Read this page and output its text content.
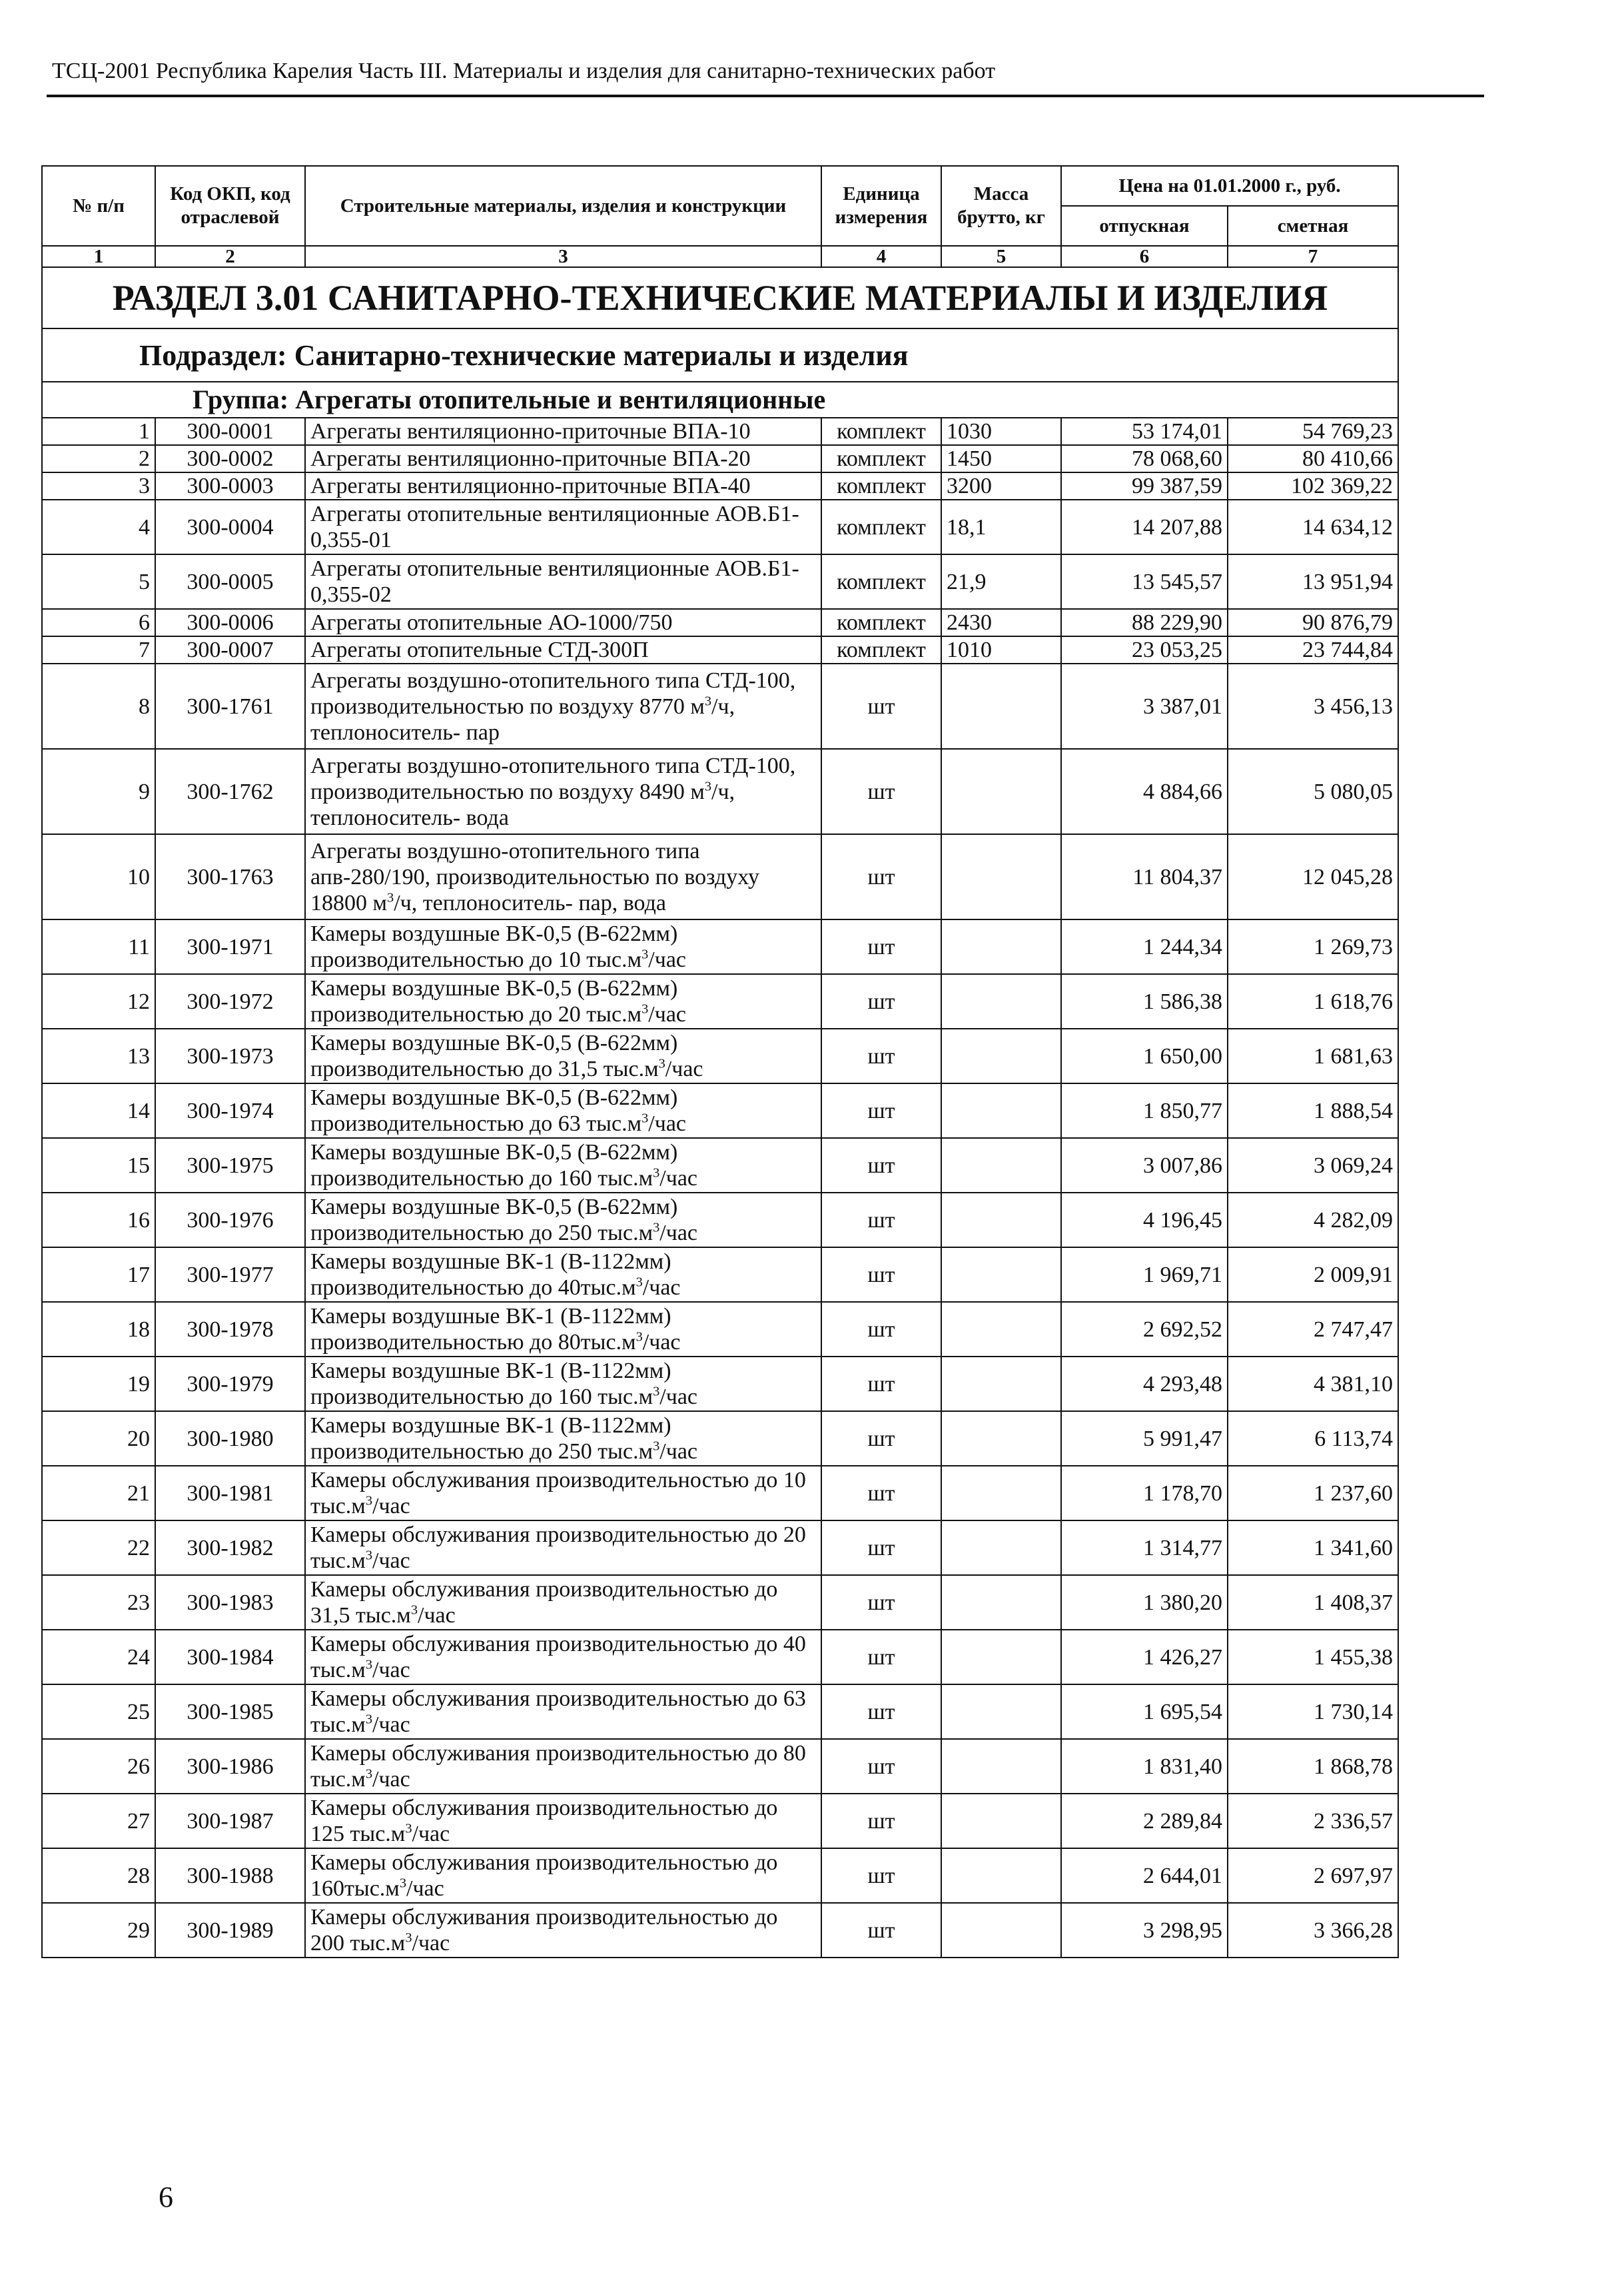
ТСЦ-2001 Республика Карелия Часть III. Материалы и изделия для санитарно-технических работ
№ п/п	Код ОКП, код отраслевой	Строительные материалы, изделия и конструкции	Единица измерения	Масса брутто, кг	Цена на 01.01.2000 г., руб.	
					отпускная	сметная
1	2	3	4	5	6	7
РАЗДЕЛ 3.01 САНИТАРНО-ТЕХНИЧЕСКИЕ МАТЕРИАЛЫ И ИЗДЕЛИЯ						
Подраздел: Санитарно-технические материалы и изделия						
Группа: Агрегаты отопительные и вентиляционные						
1	300-0001	Агрегаты вентиляционно-приточные ВПА-10	комплект	1030	53 174,01	54 769,23
2	300-0002	Агрегаты вентиляционно-приточные ВПА-20	комплект	1450	78 068,60	80 410,66
3	300-0003	Агрегаты вентиляционно-приточные ВПА-40	комплект	3200	99 387,59	102 369,22
4	300-0004	Агрегаты отопительные вентиляционные АОВ.Б1-0,355-01	комплект	18,1	14 207,88	14 634,12
5	300-0005	Агрегаты отопительные вентиляционные АОВ.Б1-0,355-02	комплект	21,9	13 545,57	13 951,94
6	300-0006	Агрегаты отопительные АО-1000/750	комплект	2430	88 229,90	90 876,79
7	300-0007	Агрегаты отопительные СТД-300П	комплект	1010	23 053,25	23 744,84
8	300-1761	Агрегаты воздушно-отопительного типа СТД-100, производительностью по воздуху 8770 $м^3/ч$, теплоноситель- пар	шт		3 387,01	3 456,13
9	300-1762	Агрегаты воздушно-отопительного типа СТД-100, производительностью по воздуху 8490 $м^3/ч$, теплоноситель- вода	шт		4 884,66	5 080,05
10	300-1763	Агрегаты воздушно-отопительного типа апв-280/190, производительностью по воздуху 18800 $м^3/ч$, теплоноситель- пар, вода	шт		11 804,37	12 045,28
11	300-1971	Камеры воздушные ВК-0,5 (В-622мм) производительностью до 10 $тыс.м^3$/час	шт		1 244,34	1 269,73
12	300-1972	Камеры воздушные ВК-0,5 (В-622мм) производительностью до 20 $тыс.м^3$/час	шт		1 586,38	1 618,76
13	300-1973	Камеры воздушные ВК-0,5 (В-622мм) производительностью до 31,5 $тыс.м^3$/час	шт		1 650,00	1 681,63
14	300-1974	Камеры воздушные ВК-0,5 (В-622мм) производительностью до 63 $тыс.м^3$/час	шт		1 850,77	1 888,54
15	300-1975	Камеры воздушные ВК-0,5 (В-622мм) производительностью до 160 $тыс.м^3$/час	шт		3 007,86	3 069,24
16	300-1976	Камеры воздушные ВК-0,5 (В-622мм) производительностью до 250 $тыс.м^3$/час	шт		4 196,45	4 282,09
17	300-1977	Камеры воздушные ВК-1 (В-1122мм) производительностью до $40тыс.м^3$/час	шт		1 969,71	2 009,91
18	300-1978	Камеры воздушные ВК-1 (В-1122мм) производительностью до $80тыс.м^3$/час	шт		2 692,52	2 747,47
19	300-1979	Камеры воздушные ВК-1 (В-1122мм) производительностью до 160 $тыс.м^3$/час	шт		4 293,48	4 381,10
20	300-1980	Камеры воздушные ВК-1 (В-1122мм) производительностью до 250 $тыс.м^3$/час	шт		5 991,47	6 113,74
21	300-1981	Камеры обслуживания производительностью до 10 $тыс.м^3$/час	шт		1 178,70	1 237,60
22	300-1982	Камеры обслуживания производительностью до 20 $тыс.м^3$/час	шт		1 314,77	1 341,60
23	300-1983	Камеры обслуживания производительностью до 31,5 $тыс.м^3$/час	шт		1 380,20	1 408,37
24	300-1984	Камеры обслуживания производительностью до 40 $тыс.м^3$/час	шт		1 426,27	1 455,38
25	300-1985	Камеры обслуживания производительностью до 63 $тыс.м^3$/час	шт		1 695,54	1 730,14
26	300-1986	Камеры обслуживания производительностью до 80 $тыс.м^3$/час	шт		1 831,40	1 868,78
27	300-1987	Камеры обслуживания производительностью до 125 $тыс.м^3$/час	шт		2 289,84	2 336,57
28	300-1988	Камеры обслуживания производительностью до $160тыс.м^3$/час	шт		2 644,01	2 697,97
29	300-1989	Камеры обслуживания производительностью до 200 $тыс.м^3$/час	шт		3 298,95	3 366,28
6
